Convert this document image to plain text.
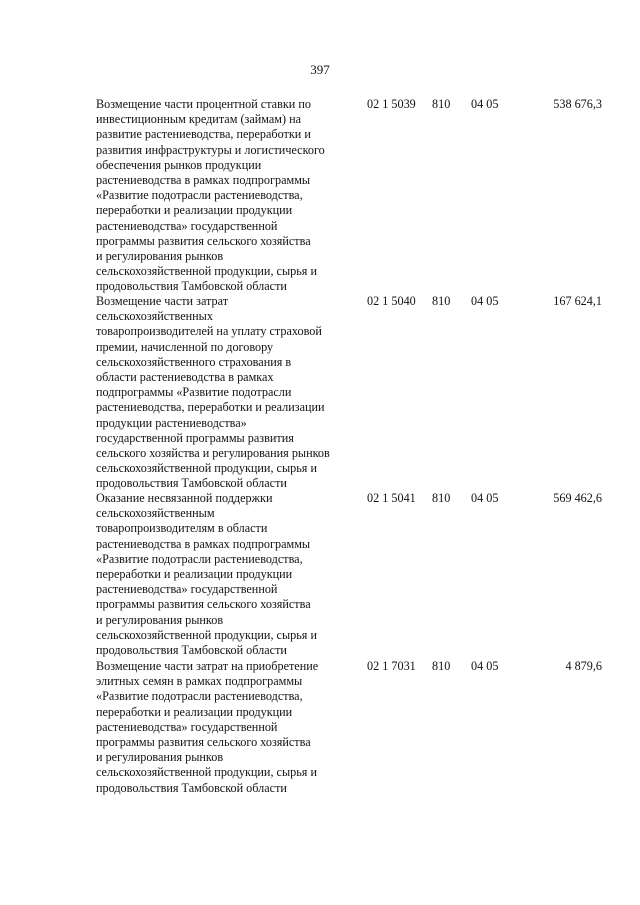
397
Возмещение части процентной ставки по
инвестиционным кредитам (займам) на
развитие растениеводства, переработки и
развития инфраструктуры и логистического
обеспечения рынков продукции
растениеводства в рамках подпрограммы
«Развитие подотрасли растениеводства,
переработки и реализации продукции
растениеводства» государственной
программы развития сельского хозяйства
и регулирования рынков
сельскохозяйственной продукции, сырья и
продовольствия Тамбовской области
02 1 5039 810 04 05	538 676,3
Возмещение части затрат
сельскохозяйственных
товаропроизводителей на уплату страховой
премии, начисленной по договору
сельскохозяйственного страхования в
области растениеводства в рамках
подпрограммы «Развитие подотрасли
растениеводства, переработки и реализации
продукции растениеводства»
государственной программы развития
сельского хозяйства и регулирования рынков
сельскохозяйственной продукции, сырья и
продовольствия Тамбовской области
02 1 5040 810 04 05	167 624,1
Оказание несвязанной поддержки
сельскохозяйственным
товаропроизводителям в области
растениеводства в рамках подпрограммы
«Развитие подотрасли растениеводства,
переработки и реализации продукции
растениеводства» государственной
программы развития сельского хозяйства
и регулирования рынков
сельскохозяйственной продукции, сырья и
продовольствия Тамбовской области
02 1 5041 810 04 05	569 462,6
Возмещение части затрат на приобретение
элитных семян в рамках подпрограммы
«Развитие подотрасли растениеводства,
переработки и реализации продукции
растениеводства» государственной
программы развития сельского хозяйства
и регулирования рынков
сельскохозяйственной продукции, сырья и
продовольствия Тамбовской области
02 1 7031 810 04 05	4 879,6
